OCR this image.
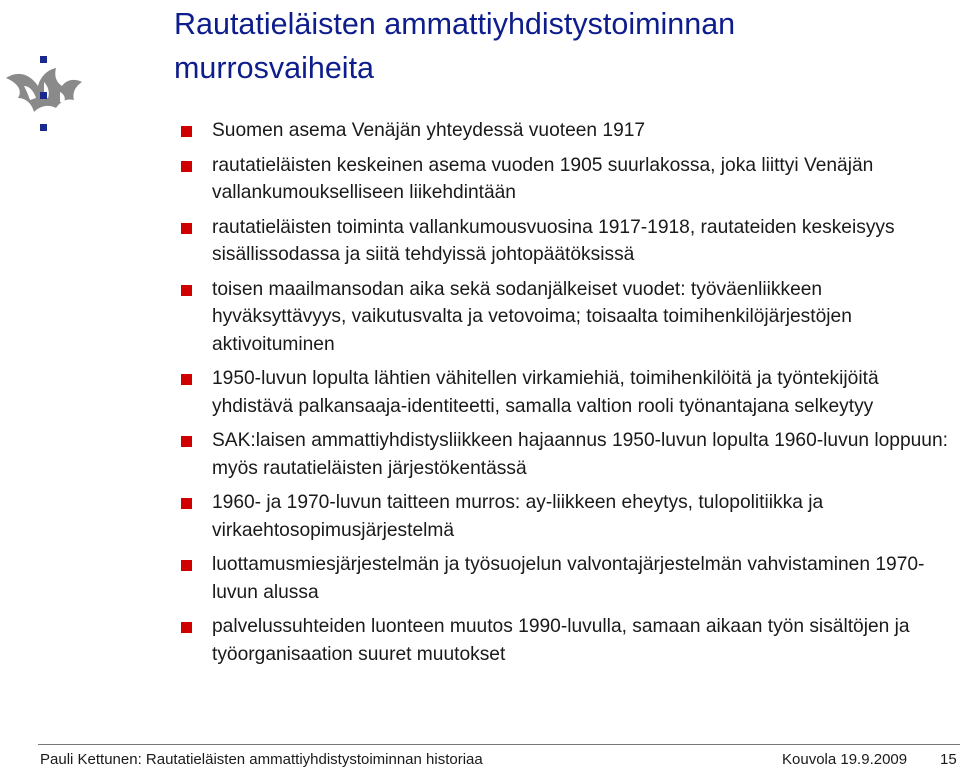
Rautatieläisten ammattiyhdistystoiminnan murrosvaiheita
Suomen asema Venäjän yhteydessä vuoteen 1917
rautatieläisten keskeinen asema vuoden 1905 suurlakossa, joka liittyi Venäjän vallankumoukselliseen liikehdintään
rautatieläisten toiminta vallankumousvuosina 1917-1918, rautateiden keskeisyys sisällissodassa ja siitä tehdyissä johtopäätöksissä
toisen maailmansodan aika sekä sodanjälkeiset vuodet: työväenliikkeen hyväksyttävyys, vaikutusvalta ja vetovoima; toisaalta toimihenkilöjärjestöjen aktivoituminen
1950-luvun lopulta lähtien vähitellen virkamiehiä, toimihenkilöitä ja työntekijöitä yhdistävä palkansaaja-identiteetti, samalla valtion rooli työnantajana selkeytyy
SAK:laisen ammattiyhdistysliikkeen hajaannus 1950-luvun lopulta 1960-luvun loppuun: myös rautatieläisten järjestökentässä
1960- ja 1970-luvun taitteen murros: ay-liikkeen eheytys, tulopolitiikka ja virkaehtosopimusjärjestelmä
luottamusmiesjärjestelmän ja työsuojelun valvontajärjestelmän vahvistaminen 1970-luvun alussa
palvelussuhteiden luonteen muutos 1990-luvulla, samaan aikaan työn sisältöjen ja työorganisaation suuret muutokset
Pauli Kettunen: Rautatieläisten ammattiyhdistystoiminnan historiaa	Kouvola 19.9.2009 15
